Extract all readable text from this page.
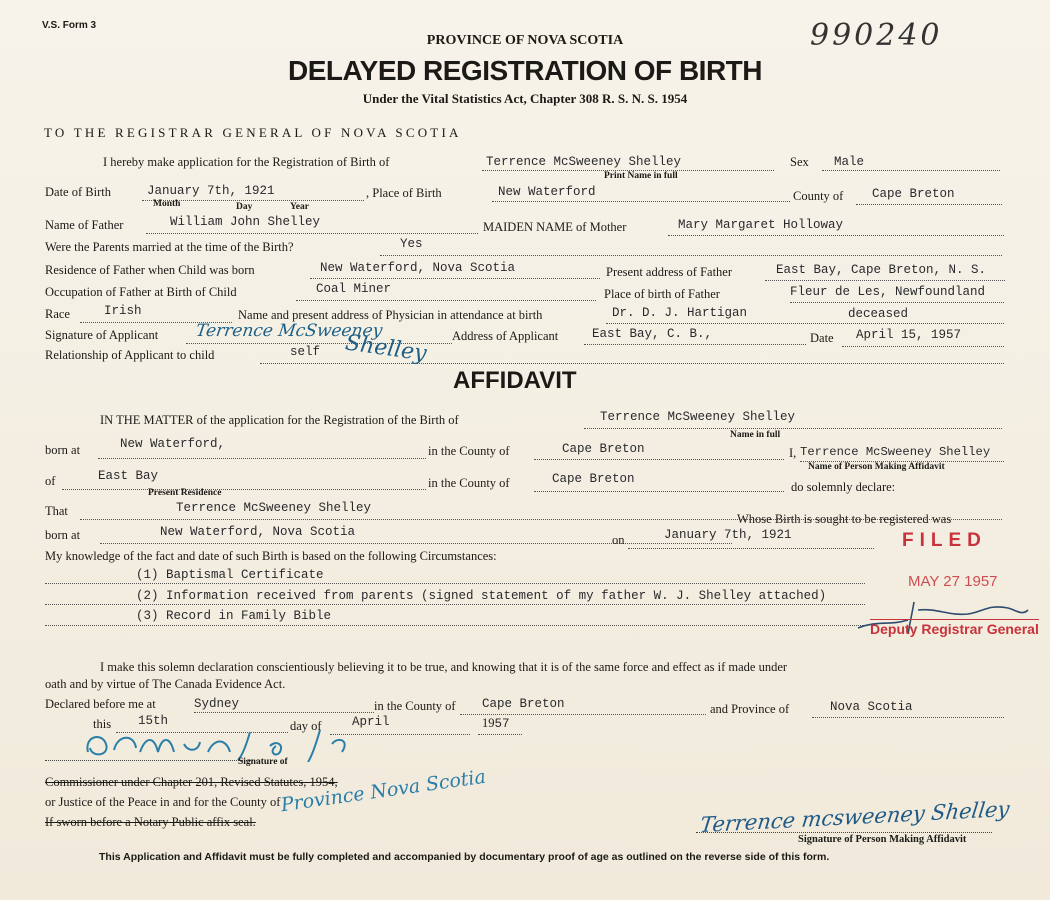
V.S. Form 3	990240
PROVINCE OF NOVA SCOTIA
DELAYED REGISTRATION OF BIRTH
Under the Vital Statistics Act, Chapter 308 R. S. N. S. 1954
TO THE REGISTRAR GENERAL OF NOVA SCOTIA
I hereby make application for the Registration of Birth of	Terrence McSweeney Shelley	Sex Male
Print Name in full
Date of Birth	January 7th, 1921	, Place of Birth	New Waterford	County of Cape Breton
Month	Day	Year
Name of Father	William John Shelley	MAIDEN NAME of Mother	Mary Margaret Holloway
Were the Parents married at the time of the Birth?	Yes
Residence of Father when Child was born	New Waterford, Nova Scotia	Present address of Father	East Bay, Cape Breton, N. S.
Occupation of Father at Birth of Child	Coal Miner	Place of birth of Father	Fleur de Les, Newfoundland
Race	Irish	Name and present address of Physician in attendance at birth	Dr. D. J. Hartigan	deceased
Signature of Applicant Terrence McSweeney	Address of Applicant	East Bay, C. B.,	Date April 15, 1957
Relationship of Applicant to child	self Shelley
AFFIDAVIT
IN THE MATTER of the application for the Registration of the Birth of	Terrence McSweeney Shelley
Name in full
born at	New Waterford,	in the County of	Cape Breton	I, Terrence McSweeney Shelley
Name of Person Making Affidavit
of	East Bay
Present Residence
in the County of	Cape Breton
do solemnly declare:
That	Terrence McSweeney Shelley
born at	New Waterford, Nova Scotia
Whose Birth is sought to be registered was
on	January 7th, 1921
My knowledge of the fact and date of such Birth is based on the following Circumstances:
(1) Baptismal Certificate
(2) Information received from parents (signed statement of my father W. J. Shelley attached)
(3) Record in Family Bible
FILED
MAY 27 1957
Deputy Registrar General
I make this solemn declaration conscientiously believing it to be true, and knowing that it is of the same force and effect as if made under
oath and by virtue of The Canada Evidence Act.
Declared before me at	Sydney	in the County of Cape Breton	and Province of	Nova Scotia
this 15th	day of April	1957
Signature of
Commissioner under Chapter 201, Revised Statutes, 1954,
or Justice of the Peace in and for the County of
If sworn before a Notary Public affix seal.
Province Nova Scotia
Terrence mcsweeney Shelley
Signature of Person Making Affidavit
This Application and Affidavit must be fully completed and accompanied by documentary proof of age as outlined on the reverse side of this form.
